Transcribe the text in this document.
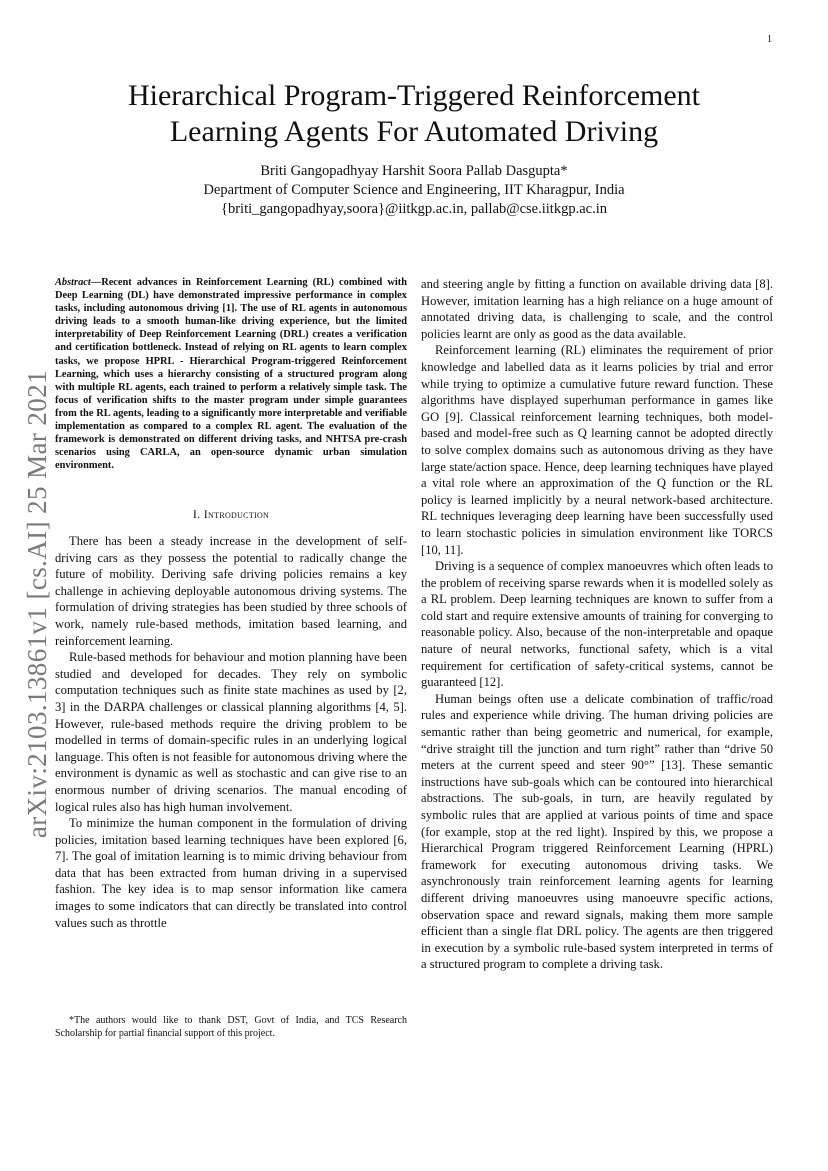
1
arXiv:2103.13861v1 [cs.AI] 25 Mar 2021
Hierarchical Program-Triggered Reinforcement
Learning Agents For Automated Driving
Briti Gangopadhyay Harshit Soora Pallab Dasgupta*
Department of Computer Science and Engineering, IIT Kharagpur, India
{briti_gangopadhyay,soora}@iitkgp.ac.in, pallab@cse.iitkgp.ac.in

Abstract—Recent advances in Reinforcement Learning (RL) combined with Deep Learning (DL) have demonstrated impressive performance in complex tasks, including autonomous driving [1]. The use of RL agents in autonomous driving leads to a smooth human-like driving experience, but the limited interpretability of Deep Reinforcement Learning (DRL) creates a verification and certification bottleneck. Instead of relying on RL agents to learn complex tasks, we propose HPRL - Hierarchical Program-triggered Reinforcement Learning, which uses a hierarchy consisting of a structured program along with multiple RL agents, each trained to perform a relatively simple task. The focus of verification shifts to the master program under simple guarantees from the RL agents, leading to a significantly more interpretable and verifiable implementation as compared to a complex RL agent. The evaluation of the framework is demonstrated on different driving tasks, and NHTSA pre-crash scenarios using CARLA, an open-source dynamic urban simulation environment.

I. Introduction

There has been a steady increase in the development of self-driving cars as they possess the potential to radically change the future of mobility. Deriving safe driving policies remains a key challenge in achieving deployable autonomous driving systems. The formulation of driving strategies has been studied by three schools of work, namely rule-based methods, imitation based learning, and reinforcement learning.

Rule-based methods for behaviour and motion planning have been studied and developed for decades. They rely on symbolic computation techniques such as finite state machines as used by [2, 3] in the DARPA challenges or classical planning algorithms [4, 5]. However, rule-based methods require the driving problem to be modelled in terms of domain-specific rules in an underlying logical language. This often is not feasible for autonomous driving where the environment is dynamic as well as stochastic and can give rise to an enormous number of driving scenarios. The manual encoding of logical rules also has high human involvement.

To minimize the human component in the formulation of driving policies, imitation based learning techniques have been explored [6, 7]. The goal of imitation learning is to mimic driving behaviour from data that has been extracted from human driving in a supervised fashion. The key idea is to map sensor information like camera images to some indicators that can directly be translated into control values such as throttle

*The authors would like to thank DST, Govt of India, and TCS Research Scholarship for partial financial support of this project.

and steering angle by fitting a function on available driving data [8]. However, imitation learning has a high reliance on a huge amount of annotated driving data, is challenging to scale, and the control policies learnt are only as good as the data available.

Reinforcement learning (RL) eliminates the requirement of prior knowledge and labelled data as it learns policies by trial and error while trying to optimize a cumulative future reward function. These algorithms have displayed superhuman performance in games like GO [9]. Classical reinforcement learning techniques, both model-based and model-free such as Q learning cannot be adopted directly to solve complex domains such as autonomous driving as they have large state/action space. Hence, deep learning techniques have played a vital role where an approximation of the Q function or the RL policy is learned implicitly by a neural network-based architecture. RL techniques leveraging deep learning have been successfully used to learn stochastic policies in simulation environment like TORCS [10, 11].

Driving is a sequence of complex manoeuvres which often leads to the problem of receiving sparse rewards when it is modelled solely as a RL problem. Deep learning techniques are known to suffer from a cold start and require extensive amounts of training for converging to reasonable policy. Also, because of the non-interpretable and opaque nature of neural networks, functional safety, which is a vital requirement for certification of safety-critical systems, cannot be guaranteed [12].

Human beings often use a delicate combination of traffic/road rules and experience while driving. The human driving policies are semantic rather than being geometric and numerical, for example, “drive straight till the junction and turn right” rather than “drive 50 meters at the current speed and steer 90°” [13]. These semantic instructions have sub-goals which can be contoured into hierarchical abstractions. The sub-goals, in turn, are heavily regulated by symbolic rules that are applied at various points of time and space (for example, stop at the red light). Inspired by this, we propose a Hierarchical Program triggered Reinforcement Learning (HPRL) framework for executing autonomous driving tasks. We asynchronously train reinforcement learning agents for learning different driving manoeuvres using manoeuvre specific actions, observation space and reward signals, making them more sample efficient than a single flat DRL policy. The agents are then triggered in execution by a symbolic rule-based system interpreted in terms of a structured program to complete a driving task.
